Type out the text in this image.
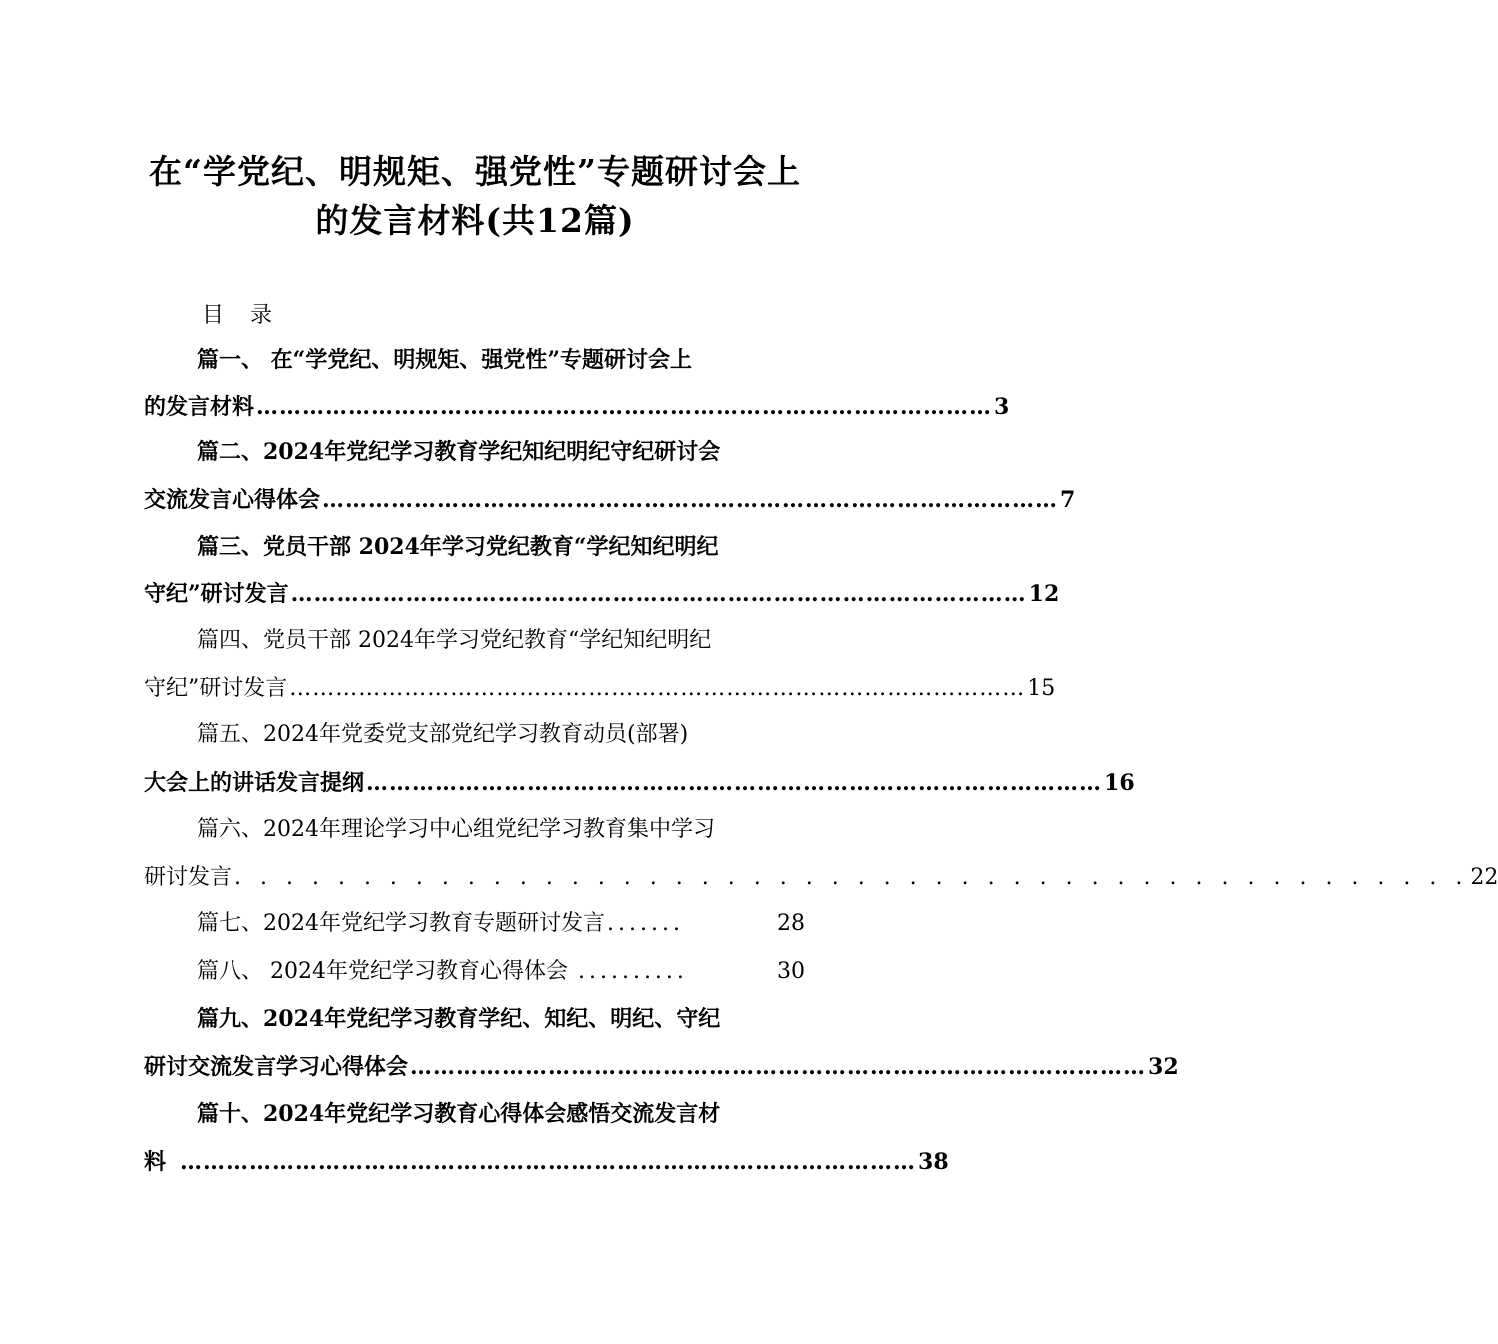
在“学党纪、明规矩、强党性”专题研讨会上
的发言材料(共12篇)
目录
篇一、 在“学党纪、明规矩、强党性”专题研讨会上
的发言材料 …………………………………………………………………………………… 3
篇二、2024年党纪学习教育学纪知纪明纪守纪研讨会
交流发言心得体会 …………………………………………………………………………………… 7
篇三、党员干部 2024年学习党纪教育“学纪知纪明纪
守纪”研讨发言 …………………………………………………………………………………… 12
篇四、党员干部 2024年学习党纪教育“学纪知纪明纪
守纪”研讨发言 …………………………………………………………………………………… 15
篇五、2024年党委党支部党纪学习教育动员(部署)
大会上的讲话发言提纲 …………………………………………………………………………………… 16
篇六、2024年理论学习中心组党纪学习教育集中学习
研讨发言 . . . . . . . . . . . . . . . . . . . . . . . . . . . . . . . . . . . . . . . . . . . . . . . . 22
篇七、2024年党纪学习教育专题研讨发言 .......	28
篇八、 2024年党纪学习教育心得体会 ..........	30
篇九、2024年党纪学习教育学纪、知纪、明纪、守纪
研讨交流发言学习心得体会 …………………………………………………………………………………… 32
篇十、2024年党纪学习教育心得体会感悟交流发言材
料 …………………………………………………………………………………… 38
